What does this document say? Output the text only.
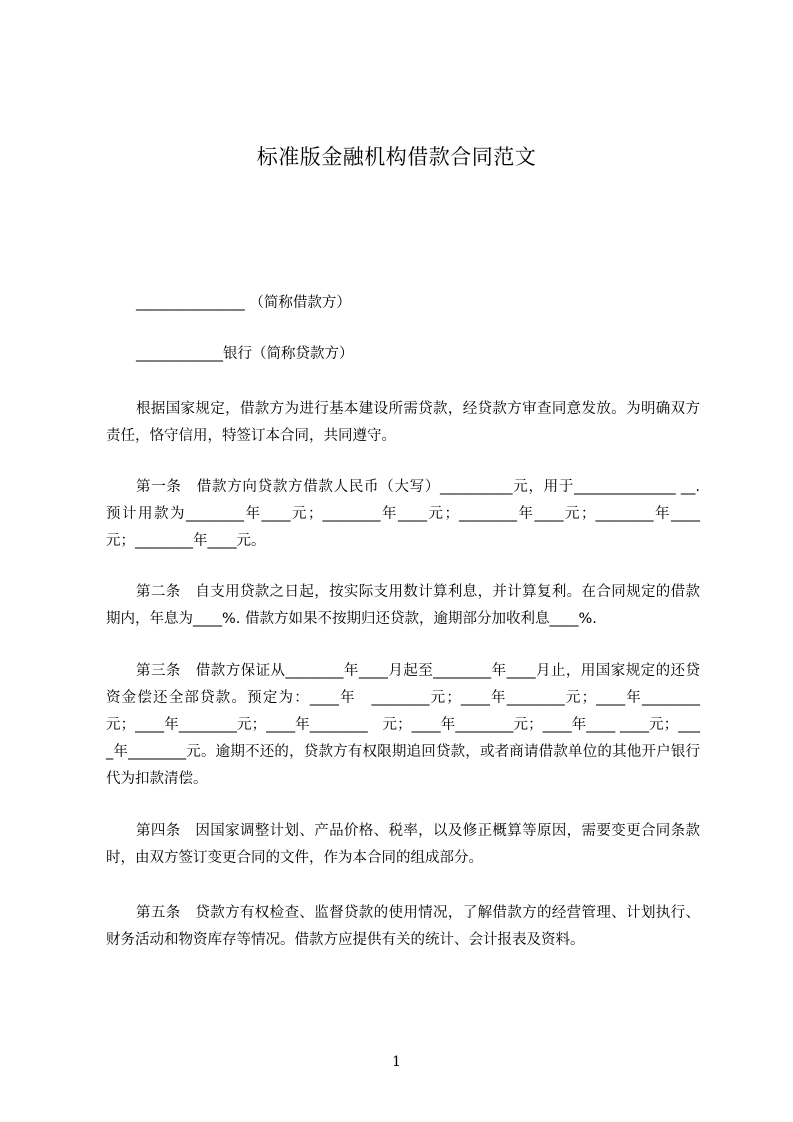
标准版金融机构借款合同范文
_______________ （简称借款方）
____________银行（简称贷款方）
根据国家规定，借款方为进行基本建设所需贷款，经贷款方审查同意发放。为明确双方责任，恪守信用，特签订本合同，共同遵守。
第一条　借款方向贷款方借款人民币（大写）__________元，用于______________ __. 预计用款为________年____元；________年____元；________年____元；________年____元；________年____元。
第二条　自支用贷款之日起，按实际支用数计算利息，并计算复利。在合同规定的借款期内，年息为____%. 借款方如果不按期归还贷款，逾期部分加收利息____%.
第三条　借款方保证从________年____月起至________年____月止，用国家规定的还贷资金偿还全部贷款。预定为：____年　________元；____年________元；____年________元；____年________元；____年________　元；____年________元；____年____ ____元；____年________元。逾期不还的，贷款方有权限期追回贷款，或者商请借款单位的其他开户银行代为扣款清偿。
第四条　因国家调整计划、产品价格、税率，以及修正概算等原因，需要变更合同条款时，由双方签订变更合同的文件，作为本合同的组成部分。
第五条　贷款方有权检查、监督贷款的使用情况，了解借款方的经营管理、计划执行、财务活动和物资库存等情况。借款方应提供有关的统计、会计报表及资料。
1
